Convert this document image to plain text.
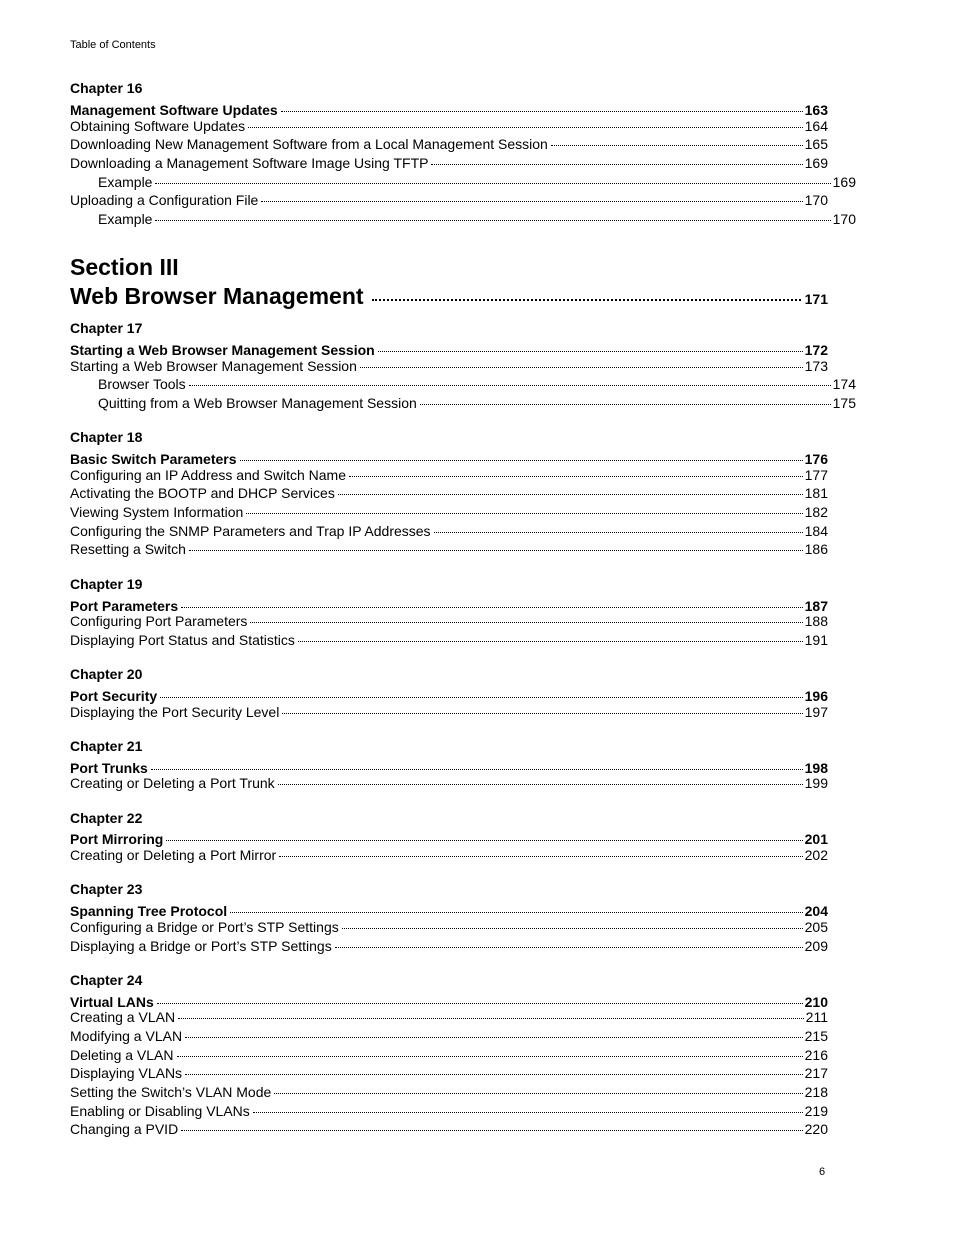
Table of Contents
Chapter 16
Management Software Updates	163
Obtaining Software Updates	164
Downloading New Management Software from a Local Management Session	165
Downloading a Management Software Image Using TFTP	169
Example	169
Uploading a Configuration File	170
Example	170
Section III
Web Browser Management	171
Chapter 17
Starting a Web Browser Management Session	172
Starting a Web Browser Management Session	173
Browser Tools	174
Quitting from a Web Browser Management Session	175
Chapter 18
Basic Switch Parameters	176
Configuring an IP Address and Switch Name	177
Activating the BOOTP and DHCP Services	181
Viewing System Information	182
Configuring the SNMP Parameters and Trap IP Addresses	184
Resetting a Switch	186
Chapter 19
Port Parameters	187
Configuring Port Parameters	188
Displaying Port Status and Statistics	191
Chapter 20
Port Security	196
Displaying the Port Security Level	197
Chapter 21
Port Trunks	198
Creating or Deleting a Port Trunk	199
Chapter 22
Port Mirroring	201
Creating or Deleting a Port Mirror	202
Chapter 23
Spanning Tree Protocol	204
Configuring a Bridge or Port’s STP Settings	205
Displaying a Bridge or Port’s STP Settings	209
Chapter 24
Virtual LANs	210
Creating a VLAN	211
Modifying a VLAN	215
Deleting a VLAN	216
Displaying VLANs	217
Setting the Switch’s VLAN Mode	218
Enabling or Disabling VLANs	219
Changing a PVID	220
6
